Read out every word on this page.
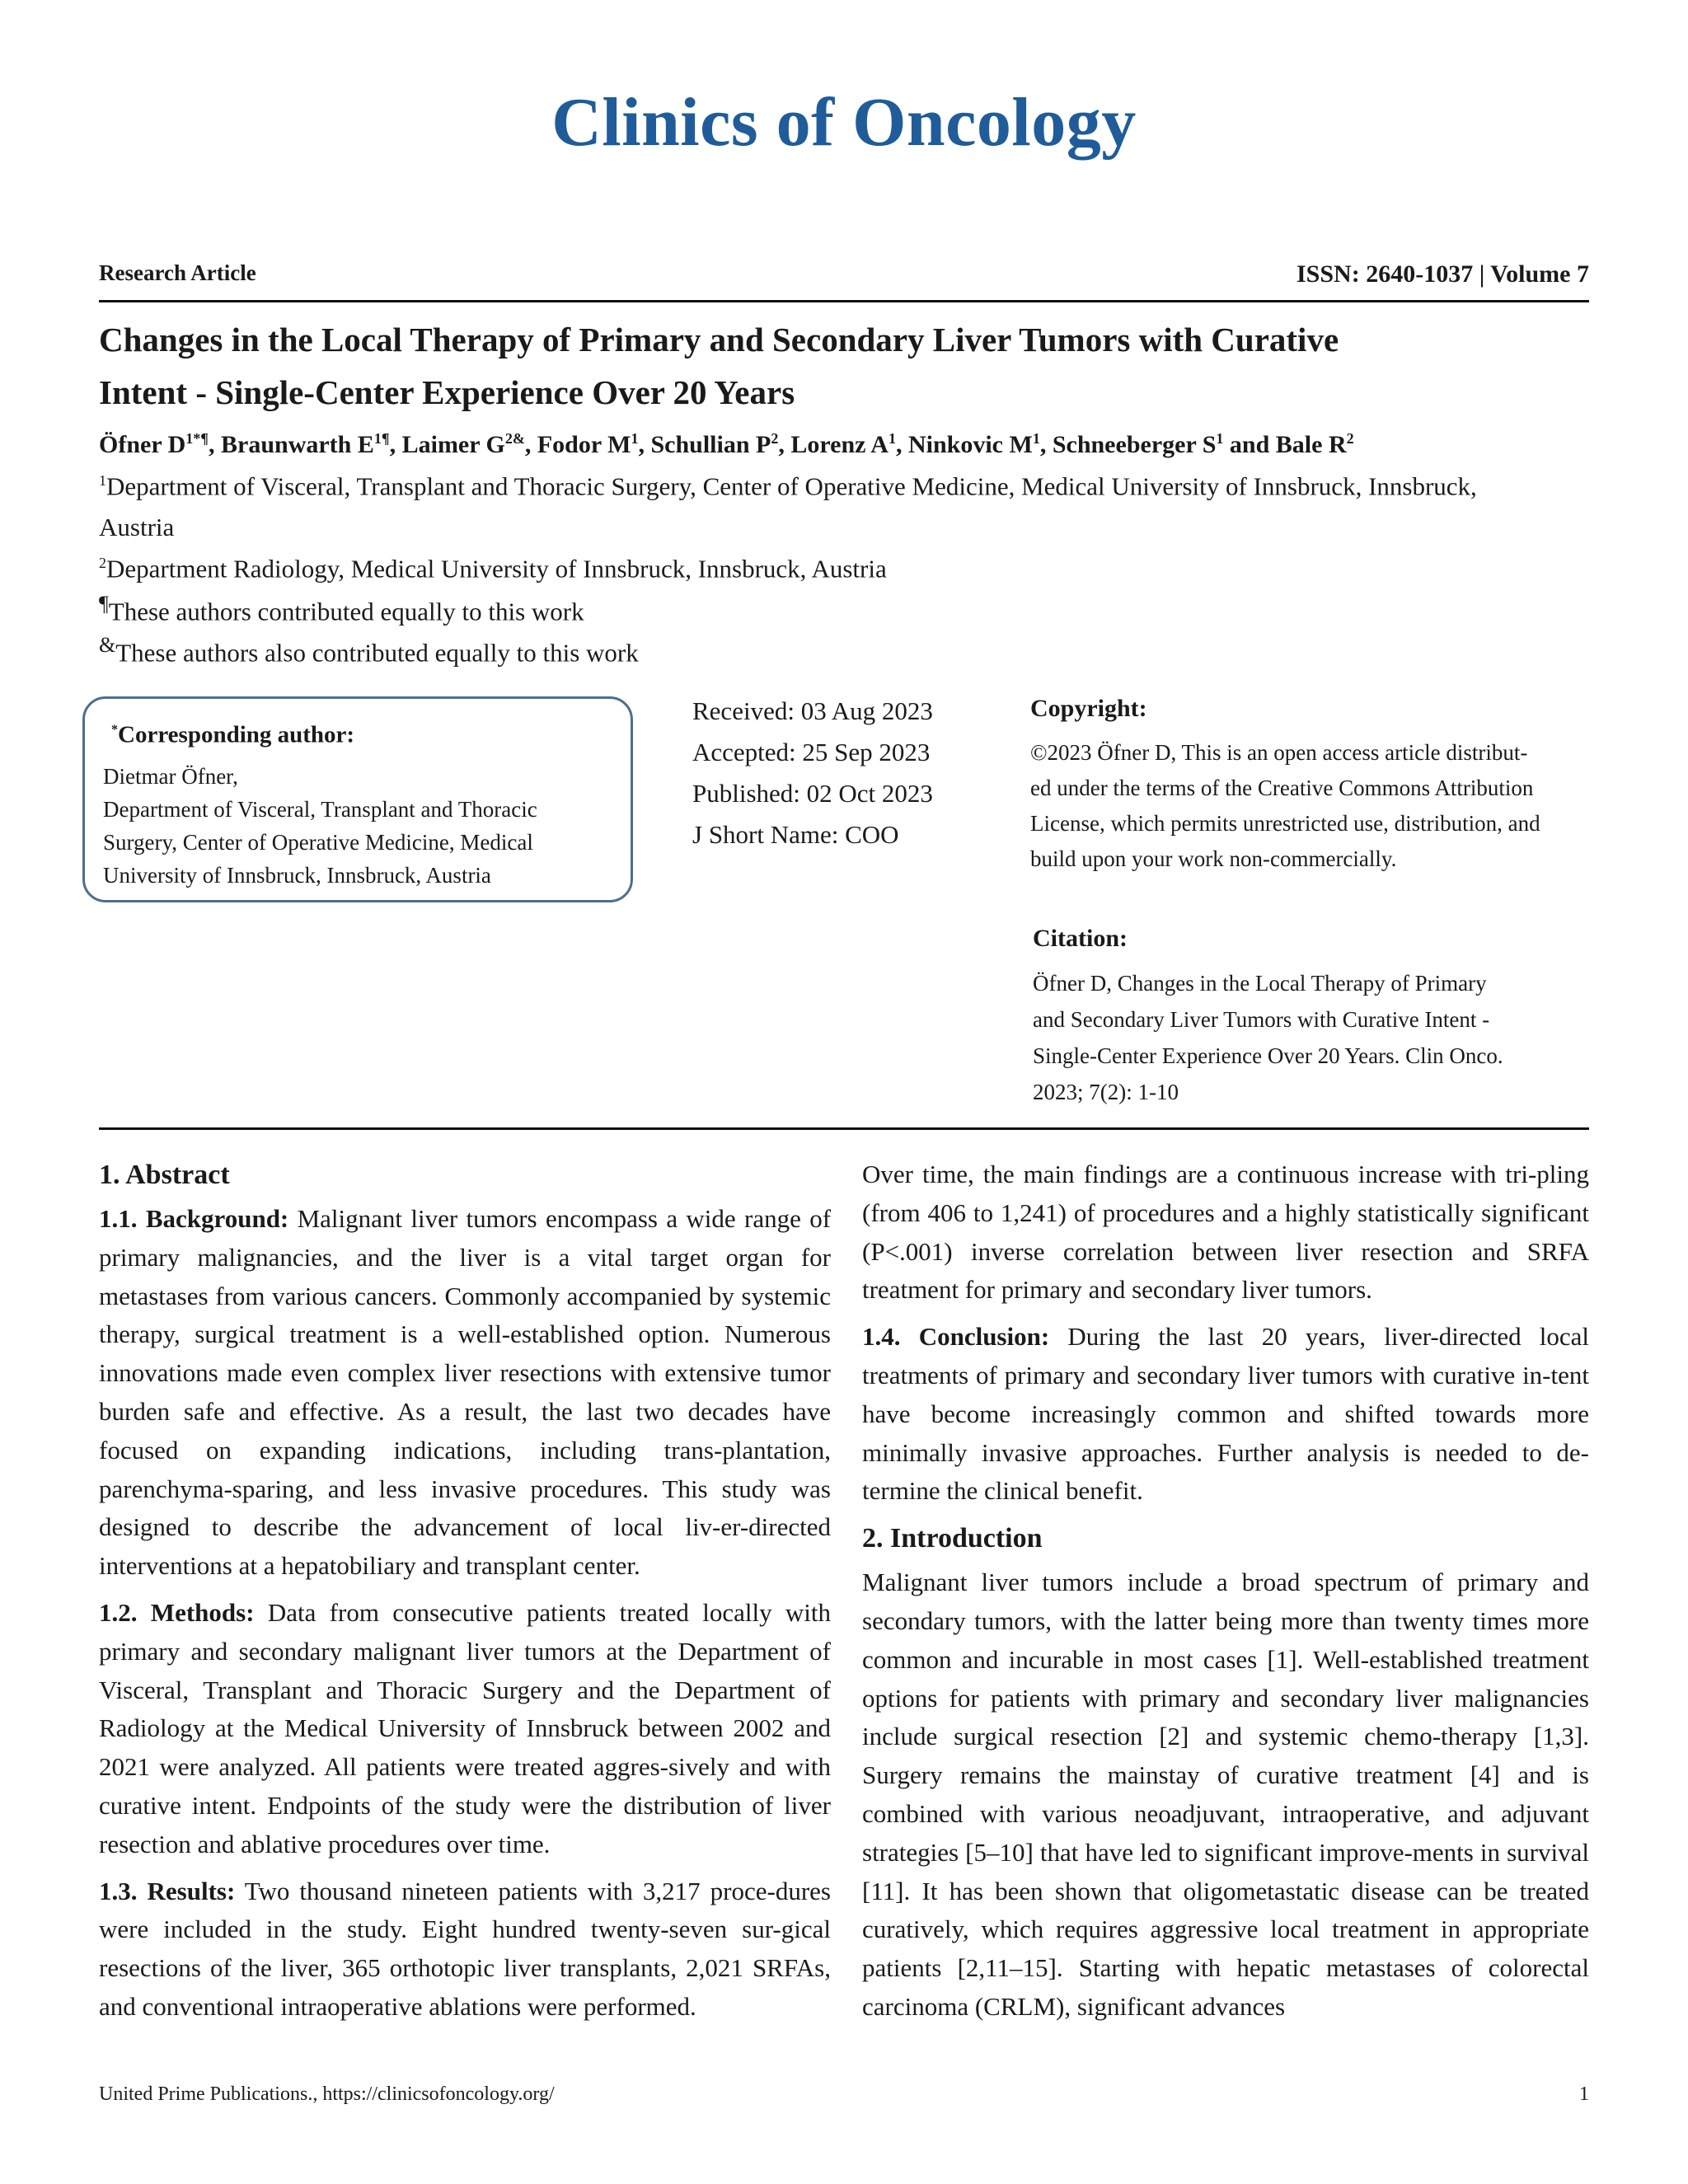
Clinics of Oncology
Research Article	ISSN: 2640-1037 | Volume 7
Changes in the Local Therapy of Primary and Secondary Liver Tumors with Curative
Intent - Single-Center Experience Over 20 Years
Öfner $D^{1*\P}$, Braunwarth $E^{1\P}$, Laimer $G^{2\&}$, Fodor $M^1$, Schullian $P^2$, Lorenz $A^1$, Ninkovic $M^1$, Schneeberger $S^1$ and Bale $R^2$
$^1$Department of Visceral, Transplant and Thoracic Surgery, Center of Operative Medicine, Medical University of Innsbruck, Innsbruck,
Austria
$^2$Department Radiology, Medical University of Innsbruck, Innsbruck, Austria
¶These authors contributed equally to this work
&These authors also contributed equally to this work
*Corresponding author:
Dietmar Öfner,
Department of Visceral, Transplant and Thoracic
Surgery, Center of Operative Medicine, Medical
University of Innsbruck, Innsbruck, Austria
Received: 03 Aug 2023
Accepted: 25 Sep 2023
Published: 02 Oct 2023
J Short Name: COO
Copyright:
©2023 Öfner D, This is an open access article distribut-
ed under the terms of the Creative Commons Attribution
License, which permits unrestricted use, distribution, and
build upon your work non-commercially.
Citation:
Öfner D, Changes in the Local Therapy of Primary
and Secondary Liver Tumors with Curative Intent -
Single-Center Experience Over 20 Years. Clin Onco.
2023; 7(2): 1-10
1. Abstract

1.1. Background: Malignant liver tumors encompass a wide range of primary malignancies, and the liver is a vital target organ for metastases from various cancers. Commonly accompanied by systemic therapy, surgical treatment is a well-established option. Numerous innovations made even complex liver resections with extensive tumor burden safe and effective. As a result, the last two decades have focused on expanding indications, including trans-plantation, parenchyma-sparing, and less invasive procedures. This study was designed to describe the advancement of local liv-er-directed interventions at a hepatobiliary and transplant center.

1.2. Methods: Data from consecutive patients treated locally with primary and secondary malignant liver tumors at the Department of Visceral, Transplant and Thoracic Surgery and the Department of Radiology at the Medical University of Innsbruck between 2002 and 2021 were analyzed. All patients were treated aggres-sively and with curative intent. Endpoints of the study were the distribution of liver resection and ablative procedures over time.

1.3. Results: Two thousand nineteen patients with 3,217 proce-dures were included in the study. Eight hundred twenty-seven sur-gical resections of the liver, 365 orthotopic liver transplants, 2,021 SRFAs, and conventional intraoperative ablations were performed.

Over time, the main findings are a continuous increase with tri-pling (from 406 to 1,241) of procedures and a highly statistically significant (P<.001) inverse correlation between liver resection and SRFA treatment for primary and secondary liver tumors.

1.4. Conclusion: During the last 20 years, liver-directed local treatments of primary and secondary liver tumors with curative in-tent have become increasingly common and shifted towards more minimally invasive approaches. Further analysis is needed to de-termine the clinical benefit.

2. Introduction

Malignant liver tumors include a broad spectrum of primary and secondary tumors, with the latter being more than twenty times more common and incurable in most cases [1]. Well-established treatment options for patients with primary and secondary liver malignancies include surgical resection [2] and systemic chemo-therapy [1,3]. Surgery remains the mainstay of curative treatment [4] and is combined with various neoadjuvant, intraoperative, and adjuvant strategies [5–10] that have led to significant improve-ments in survival [11]. It has been shown that oligometastatic disease can be treated curatively, which requires aggressive local treatment in appropriate patients [2,11–15]. Starting with hepatic metastases of colorectal carcinoma (CRLM), significant advances

United Prime Publications., https://clinicsofoncology.org/	1
